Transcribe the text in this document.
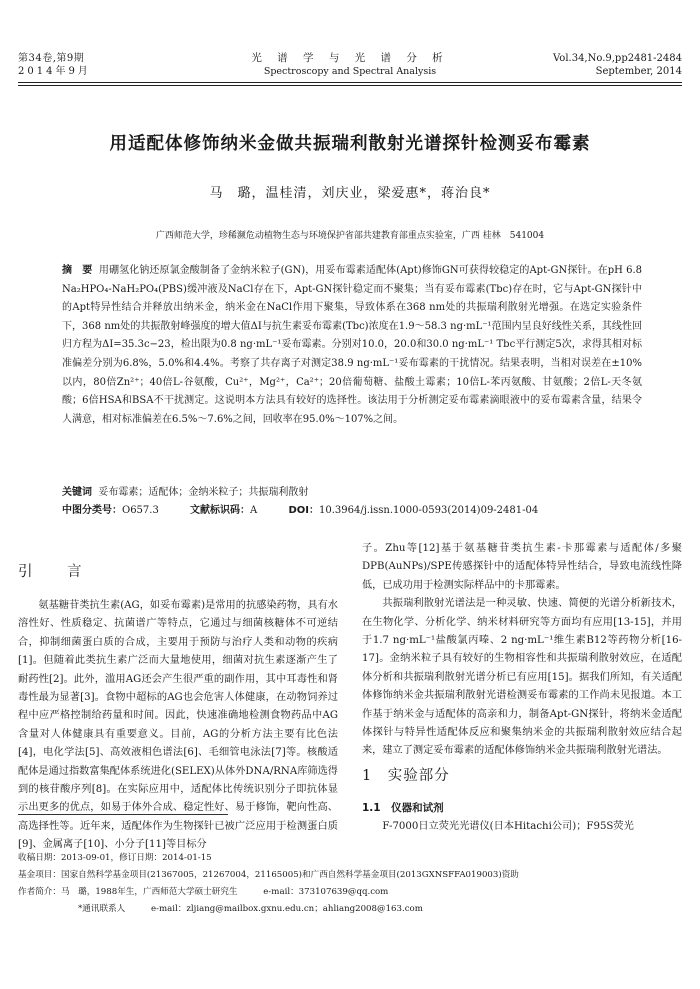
第34卷,第9期
2014年9月
光 谱 学 与 光 谱 分 析
Spectroscopy and Spectral Analysis
Vol.34,No.9,pp2481-2484
September, 2014
用适配体修饰纳米金做共振瑞利散射光谱探针检测妥布霉素
马　璐，温桂清，刘庆业，梁爱惠*，蒋治良*
广西师范大学，珍稀濒危动植物生态与环境保护省部共建教育部重点实验室，广西 桂林　541004
摘　要 用硼氢化钠还原氯金酸制备了金纳米粒子(GN)，用妥布霉素适配体(Apt)修饰GN可获得较稳定的Apt-GN探针。在pH 6.8 Na₂HPO₄-NaH₂PO₄(PBS)缓冲液及NaCl存在下，Apt-GN探针稳定而不聚集；当有妥布霉素(Tbc)存在时，它与Apt-GN探针中的Apt特异性结合并释放出纳米金，纳米金在NaCl作用下聚集，导致体系在368 nm处的共振瑞利散射光增强。在选定实验条件下，368 nm处的共振散射峰强度的增大值ΔI与抗生素妥布霉素(Tbc)浓度在1.9～58.3 ng·mL⁻¹范围内呈良好线性关系，其线性回归方程为ΔI=35.3c−23，检出限为0.8 ng·mL⁻¹妥布霉素。分别对10.0，20.0和30.0 ng·mL⁻¹ Tbc平行测定5次，求得其相对标准偏差分别为6.8%，5.0%和4.4%。考察了共存离子对测定38.9 ng·mL⁻¹妥布霉素的干扰情况。结果表明，当相对误差在±10%以内，80倍Zn²⁺；40倍L-谷氨酸，Cu²⁺，Mg²⁺，Ca²⁺；20倍葡萄糖、盐酸土霉素；10倍L-苯丙氨酸、甘氨酸；2倍L-天冬氨酸；6倍HSA和BSA不干扰测定。这说明本方法具有较好的选择性。该法用于分析测定妥布霉素滴眼液中的妥布霉素含量，结果令人满意，相对标准偏差在6.5%～7.6%之间，回收率在95.0%～107%之间。
关键词 妥布霉素；适配体；金纳米粒子；共振瑞利散射
中图分类号：O657.3	文献标识码：A	DOI：10.3964/j.issn.1000-0593(2014)09-2481-04
引　言

氨基糖苷类抗生素(AG，如妥布霉素)是常用的抗感染药物，具有水溶性好、性质稳定、抗菌谱广等特点，它通过与细菌核糖体不可逆结合，抑制细菌蛋白质的合成，主要用于预防与治疗人类和动物的疾病[1]。但随着此类抗生素广泛而大量地使用，细菌对抗生素逐渐产生了耐药性[2]。此外，滥用AG还会产生很严重的副作用，其中耳毒性和肾毒性最为显著[3]。食物中超标的AG也会危害人体健康，在动物饲养过程中应严格控制给药量和时间。因此，快速准确地检测食物药品中AG含量对人体健康具有重要意义。目前，AG的分析方法主要有比色法[4]，电化学法[5]、高效液相色谱法[6]、毛细管电泳法[7]等。核酸适配体是通过指数富集配体系统进化(SELEX)从体外DNA/RNA库筛选得到的核苷酸序列[8]。在实际应用中，适配体比传统识别分子即抗体显示出更多的优点，如易于体外合成、稳定性好、易于修饰，靶向性高、高选择性等。近年来，适配体作为生物探针已被广泛应用于检测蛋白质[9]、金属离子[10]、小分子[11]等目标分

子。Zhu等[12]基于氨基糖苷类抗生素-卡那霉素与适配体/多聚DPB(AuNPs)/SPE传感探针中的适配体特异性结合，导致电流线性降低，已成功用于检测实际样品中的卡那霉素。

共振瑞利散射光谱法是一种灵敏、快速、简便的光谱分析新技术，在生物化学、分析化学、纳米材料研究等方面均有应用[13-15]，并用于1.7 ng·mL⁻¹盐酸氯丙嗪、2 ng·mL⁻¹维生素B12等药物分析[16-17]。金纳米粒子具有较好的生物相容性和共振瑞利散射效应，在适配体分析和共振瑞利散射光谱分析已有应用[15]。据我们所知，有关适配体修饰纳米金共振瑞利散射光谱检测妥布霉素的工作尚未见报道。本工作基于纳米金与适配体的高亲和力，制备Apt-GN探针，将纳米金适配体探针与特异性适配体反应和聚集纳米金的共振瑞利散射效应结合起来，建立了测定妥布霉素的适配体修饰纳米金共振瑞利散射光谱法。

1　实验部分
1.1　仪器和试剂

F-7000日立荧光光谱仪(日本Hitachi公司)；F95S荧光

收稿日期：2013-09-01，修订日期：2014-01-15
基金项目：国家自然科学基金项目(21367005，21267004，21165005)和广西自然科学基金项目(2013GXNSFFA019003)资助
作者简介：马　璐，1988年生，广西师范大学硕士研究生　　　e-mail：373107639@qq.com
*通讯联系人　　　e-mail：zljiang@mailbox.gxnu.edu.cn；ahliang2008@163.com
